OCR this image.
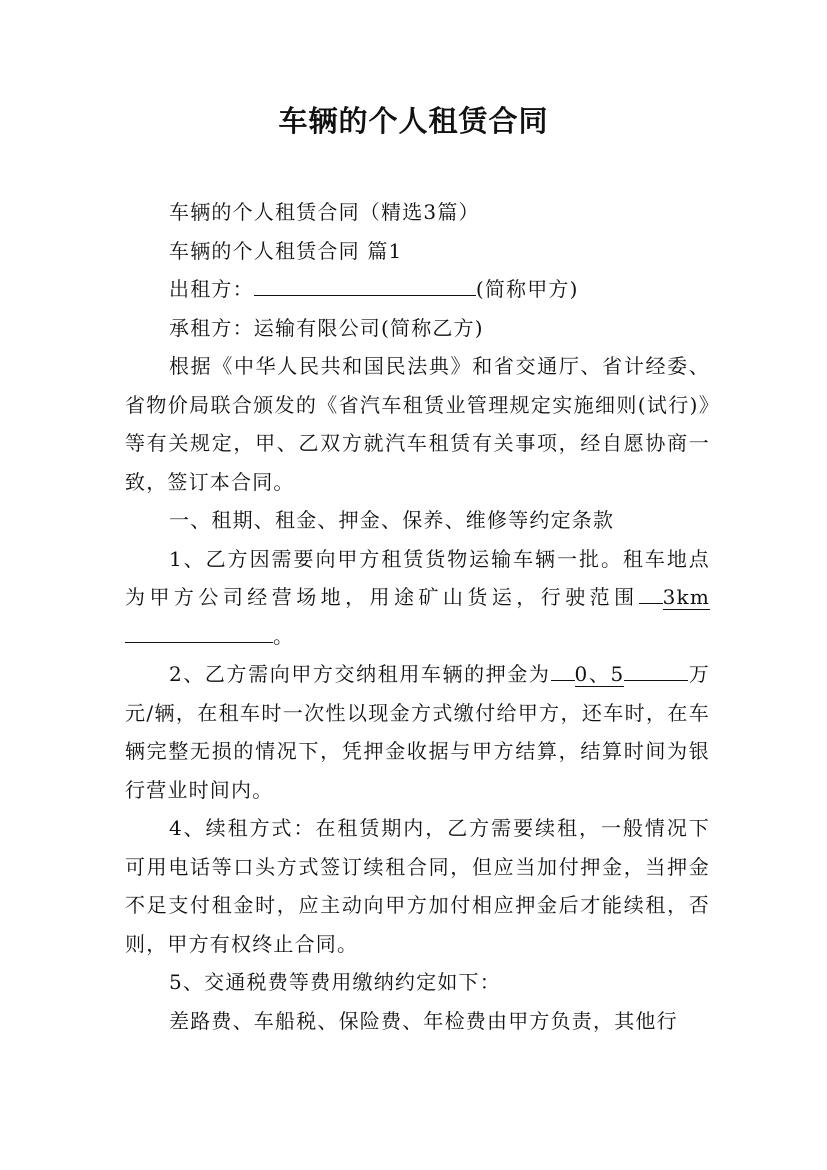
车辆的个人租赁合同

车辆的个人租赁合同（精选3篇）

车辆的个人租赁合同 篇1

出租方：	(简称甲方)

承租方：运输有限公司(简称乙方)

根据《中华人民共和国民法典》和省交通厅、省计经委、省物价局联合颁发的《省汽车租赁业管理规定实施细则(试行)》等有关规定，甲、乙双方就汽车租赁有关事项，经自愿协商一致，签订本合同。

一、租期、租金、押金、保养、维修等约定条款

1、乙方因需要向甲方租赁货物运输车辆一批。租车地点为甲方公司经营场地，用途矿山货运，行驶范围 3km。

2、乙方需向甲方交纳租用车辆的押金为 0、5	万元/辆，在租车时一次性以现金方式缴付给甲方，还车时，在车辆完整无损的情况下，凭押金收据与甲方结算，结算时间为银行营业时间内。

4、续租方式：在租赁期内，乙方需要续租，一般情况下可用电话等口头方式签订续租合同，但应当加付押金，当押金不足支付租金时，应主动向甲方加付相应押金后才能续租，否则，甲方有权终止合同。

5、交通税费等费用缴纳约定如下：

差路费、车船税、保险费、年检费由甲方负责，其他行
